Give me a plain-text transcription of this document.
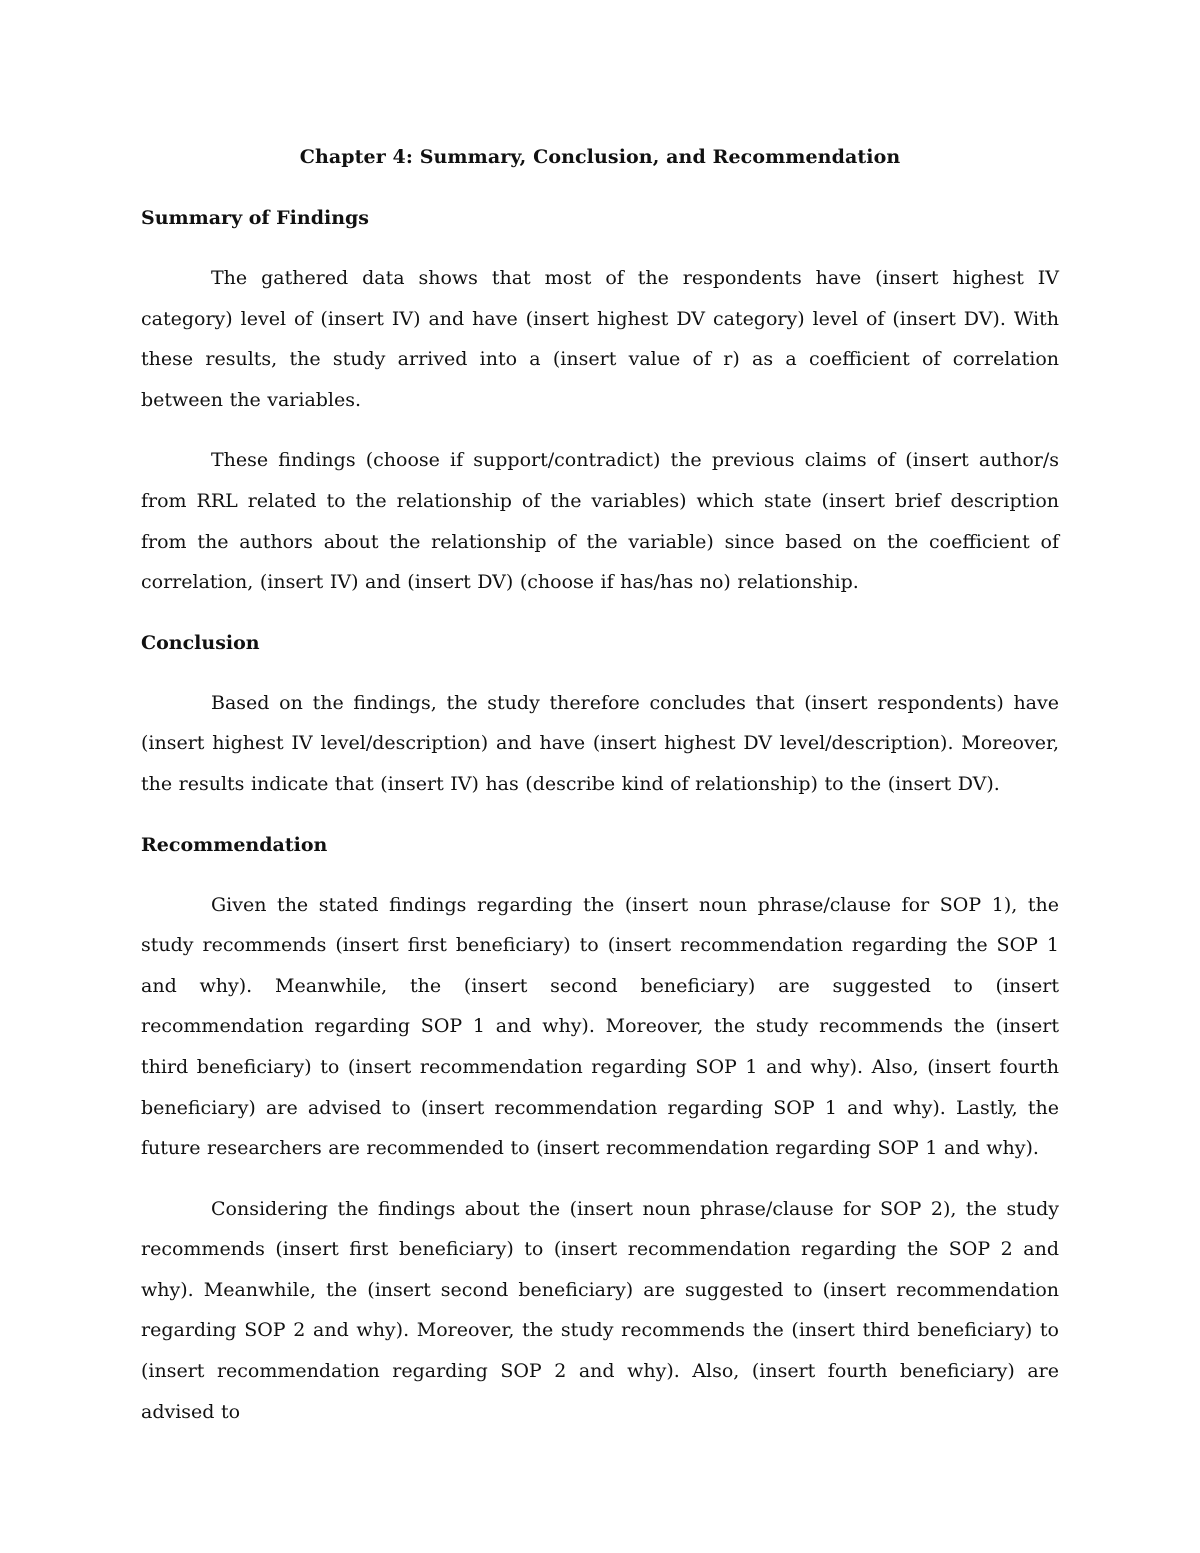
Chapter 4: Summary, Conclusion, and Recommendation
Summary of Findings

The gathered data shows that most of the respondents have (insert highest IV category) level of (insert IV) and have (insert highest DV category) level of (insert DV). With these results, the study arrived into a (insert value of r) as a coefficient of correlation between the variables.

These findings (choose if support/contradict) the previous claims of (insert author/s from RRL related to the relationship of the variables) which state (insert brief description from the authors about the relationship of the variable) since based on the coefficient of correlation, (insert IV) and (insert DV) (choose if has/has no) relationship.

Conclusion

Based on the findings, the study therefore concludes that (insert respondents) have (insert highest IV level/description) and have (insert highest DV level/description). Moreover, the results indicate that (insert IV) has (describe kind of relationship) to the (insert DV).

Recommendation

Given the stated findings regarding the (insert noun phrase/clause for SOP 1), the study recommends (insert first beneficiary) to (insert recommendation regarding the SOP 1 and why). Meanwhile, the (insert second beneficiary) are suggested to (insert recommendation regarding SOP 1 and why). Moreover, the study recommends the (insert third beneficiary) to (insert recommendation regarding SOP 1 and why). Also, (insert fourth beneficiary) are advised to (insert recommendation regarding SOP 1 and why). Lastly, the future researchers are recommended to (insert recommendation regarding SOP 1 and why).

Considering the findings about the (insert noun phrase/clause for SOP 2), the study recommends (insert first beneficiary) to (insert recommendation regarding the SOP 2 and why). Meanwhile, the (insert second beneficiary) are suggested to (insert recommendation regarding SOP 2 and why). Moreover, the study recommends the (insert third beneficiary) to (insert recommendation regarding SOP 2 and why). Also, (insert fourth beneficiary) are advised to
